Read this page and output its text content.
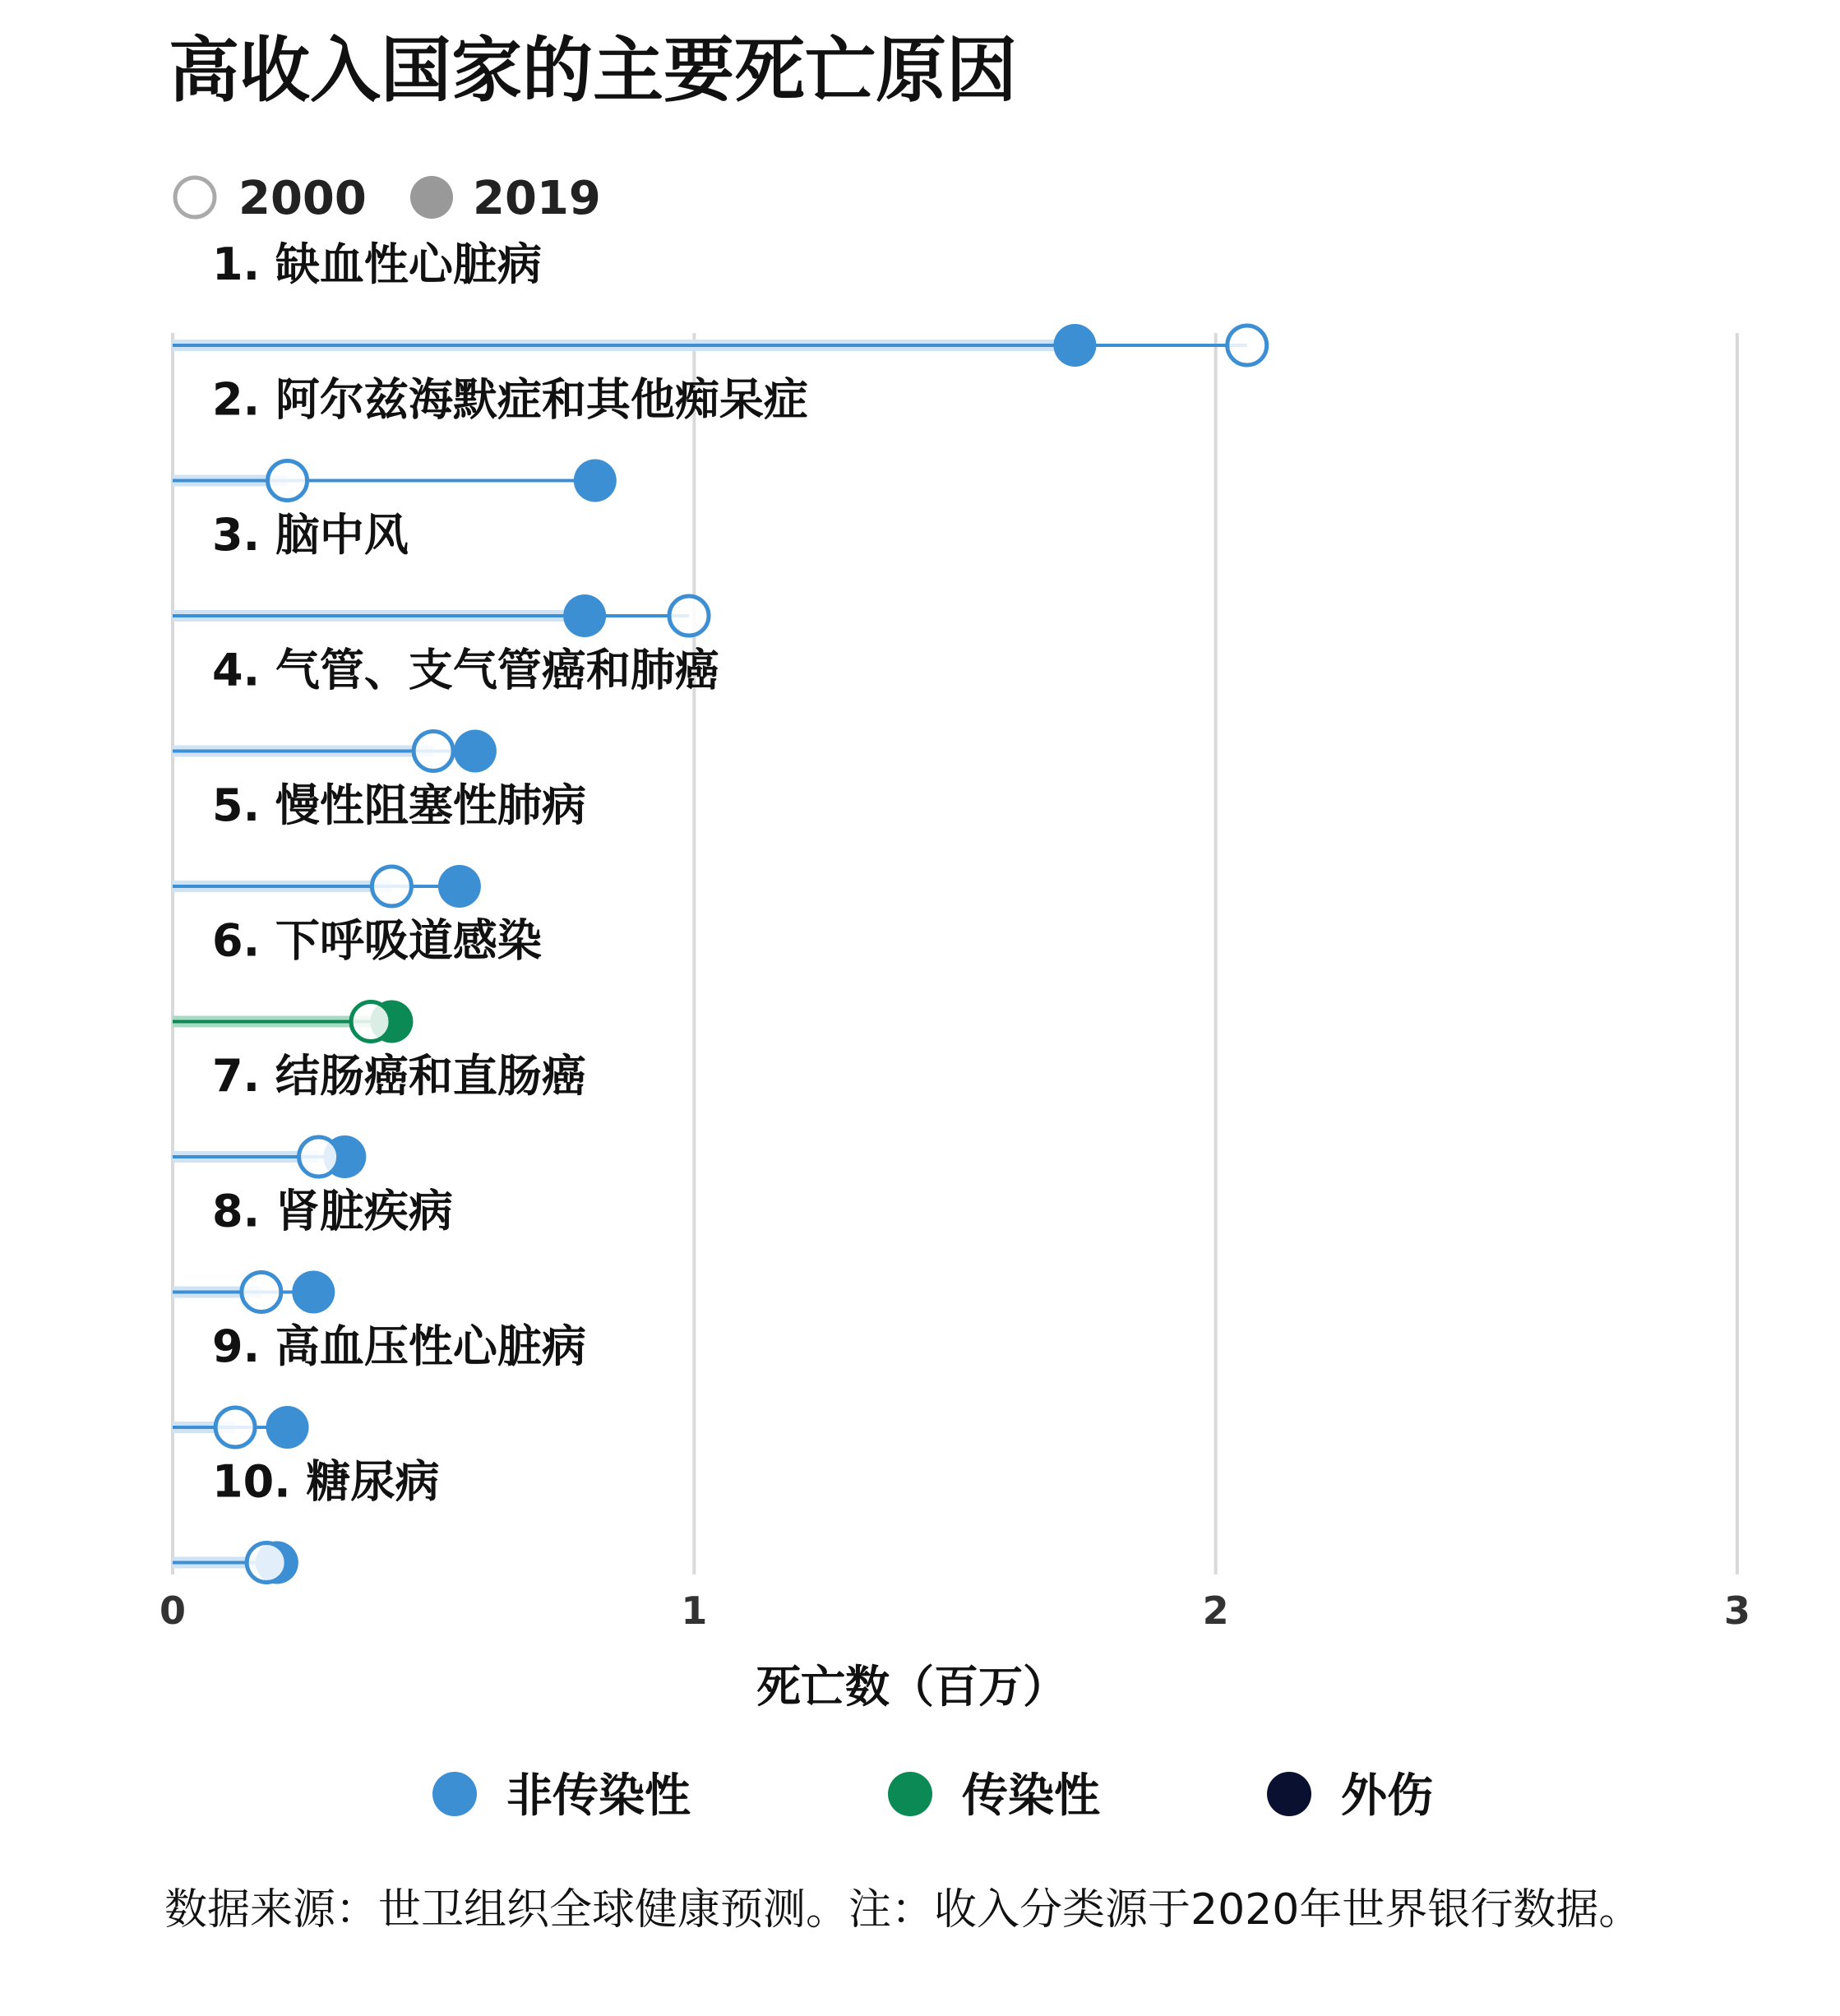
高收入国家的主要死亡原因
2000 2019
1. 缺血性心脏病
2. 阿尔兹海默症和其他痴呆症
3. 脑中风
4. 气管、支气管癌和肺癌
5. 慢性阻塞性肺病
6. 下呼吸道感染
7. 结肠癌和直肠癌
8. 肾脏疾病
9. 高血压性心脏病
10. 糖尿病
0	1	2	3
死亡数（百万）
非传染性	传染性	外伤
数据来源：世卫组织全球健康预测。注：收入分类源于2020年世界银行数据。
